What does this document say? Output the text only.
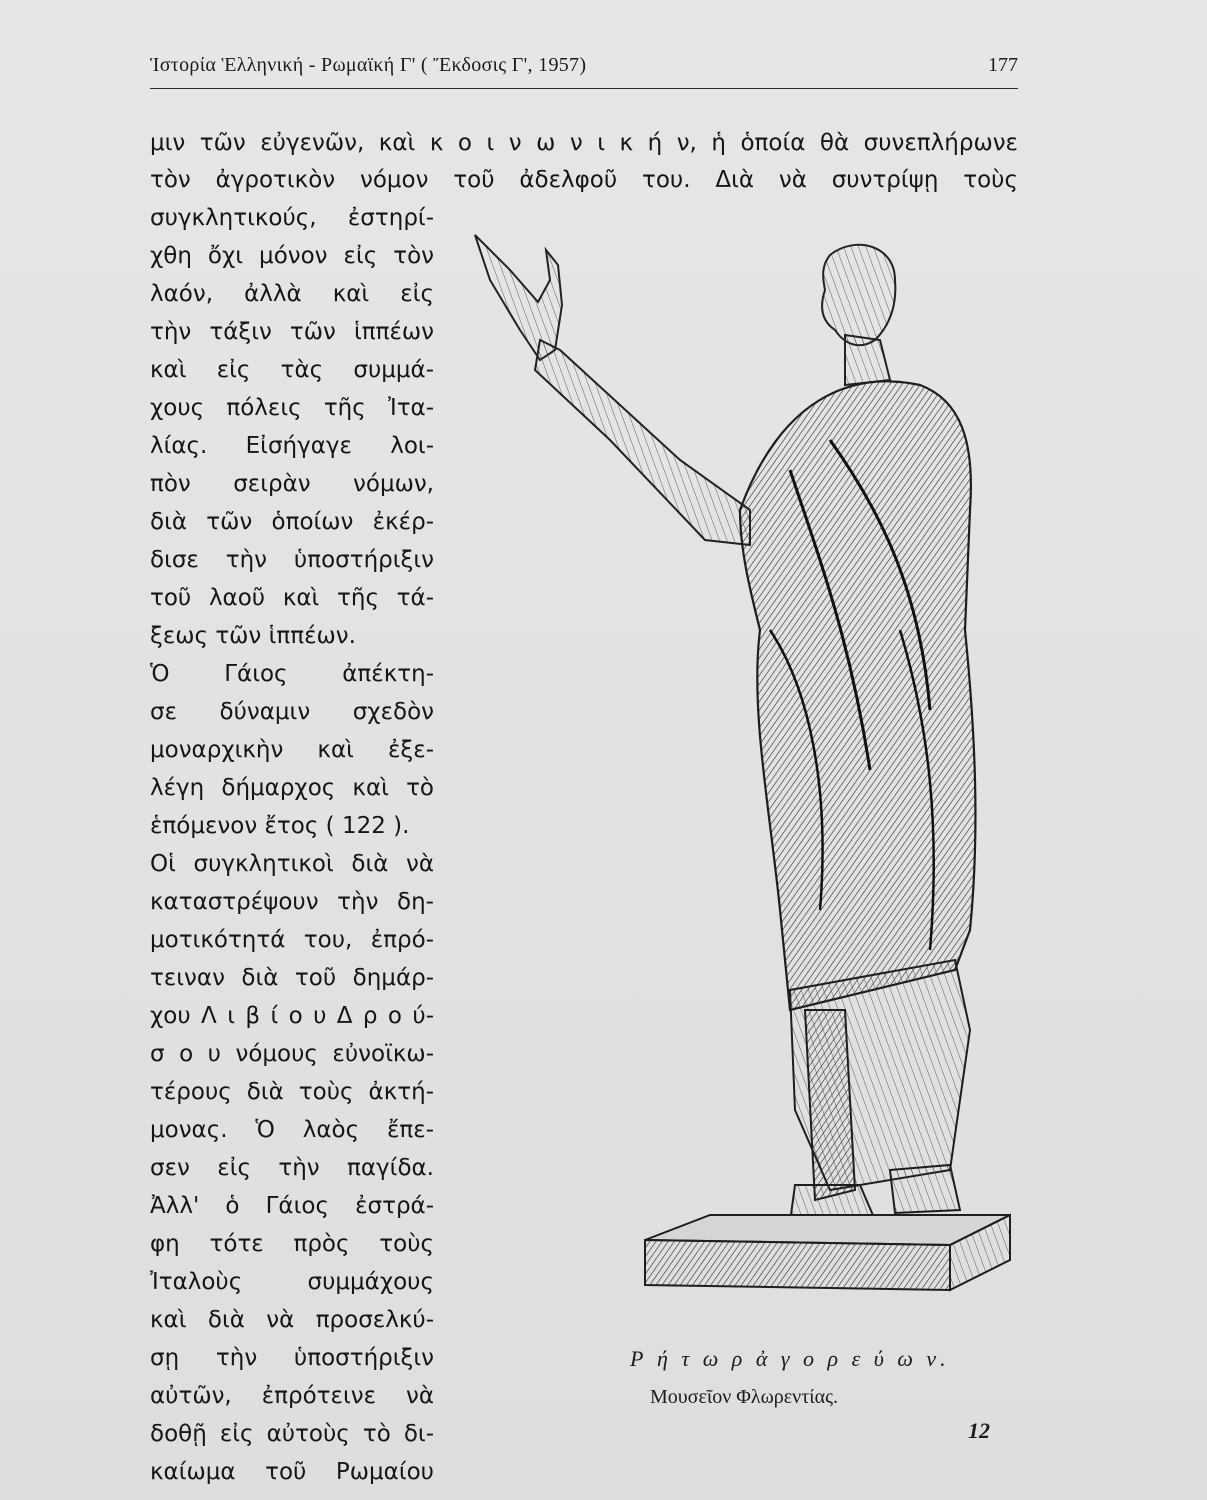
Ἱστορία Ἑλληνική - Ρωμαϊκή Γ' ( Ἔκδοσις Γ', 1957)	177
μιν τῶν εὐγενῶν, καὶ κ ο ι ν ω ν ι κ ή ν, ἡ ὁποία θὰ συνεπλήρωνε
τὸν ἀγροτικὸν νόμον τοῦ ἀδελφοῦ του. Διὰ νὰ συντρίψῃ τοὺς
συγκλητικούς, ἐστηρί-
χθη ὄχι μόνον εἰς τὸν
λαόν, ἀλλὰ καὶ εἰς
τὴν τάξιν τῶν ἱππέων
καὶ εἰς τὰς συμμά-
χους πόλεις τῆς Ἰτα-
λίας. Εἰσήγαγε λοι-
πὸν σειρὰν νόμων,
διὰ τῶν ὁποίων ἐκέρ-
δισε τὴν ὑποστήριξιν
τοῦ λαοῦ καὶ τῆς τά-
ξεως τῶν ἱππέων.
Ὁ Γάιος ἀπέκτη-
σε δύναμιν σχεδὸν
μοναρχικὴν καὶ ἐξε-
λέγη δήμαρχος καὶ τὸ
ἑπόμενον ἔτος ( 122 ).
Οἱ συγκλητικοὶ διὰ νὰ
καταστρέψουν τὴν δη-
μοτικότητά του, ἐπρό-
τειναν διὰ τοῦ δημάρ-
χου Λ ι β ί ο υ Δ ρ ο ύ-
σ ο υ νόμους εὐνοϊκω-
τέρους διὰ τοὺς ἀκτή-
μονας. Ὁ λαὸς ἔπε-
σεν εἰς τὴν παγίδα.
Ἀλλ' ὁ Γάιος ἐστρά-
φη τότε πρὸς τοὺς
Ἰταλοὺς συμμάχους
καὶ διὰ νὰ προσελκύ-
σῃ τὴν ὑποστήριξιν
αὐτῶν, ἐπρότεινε νὰ
δοθῇ εἰς αὐτοὺς τὸ δι-
καίωμα τοῦ Ρωμαίου
Ρ ή τ ω ρ ἀ γ ο ρ ε ύ ω ν.
Μουσεῖον Φλωρεντίας.
12
